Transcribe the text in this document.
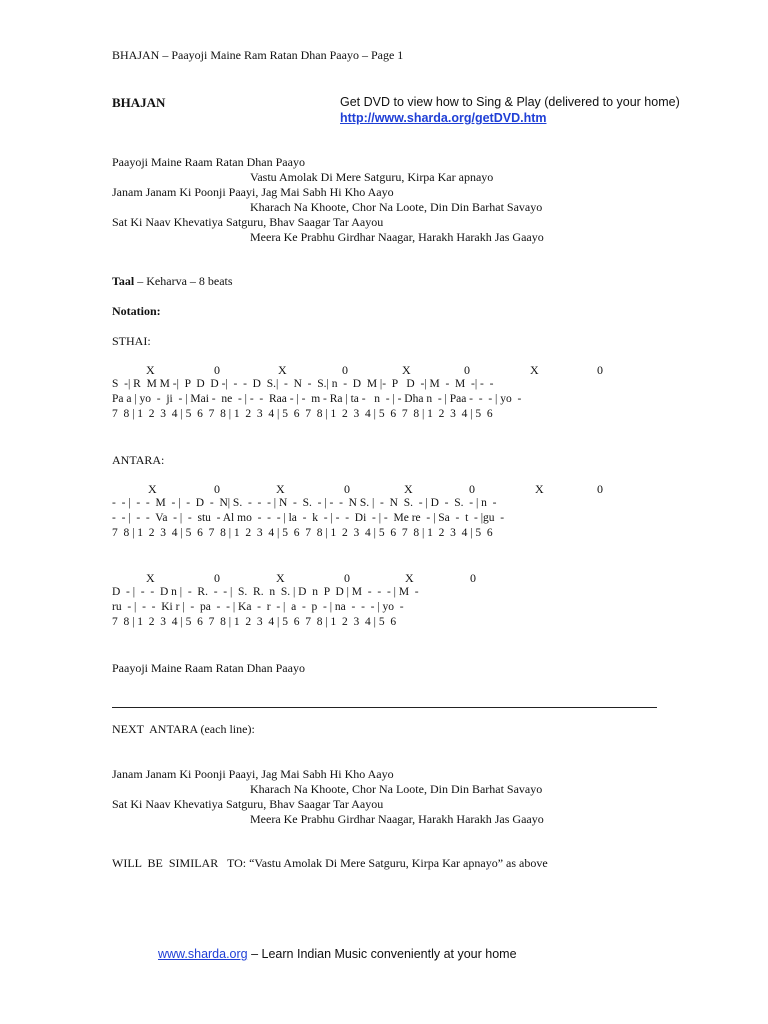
BHAJAN – Paayoji Maine Ram Ratan Dhan Paayo – Page 1
BHAJAN	Get DVD to view how to Sing & Play (delivered to your home)
http://www.sharda.org/getDVD.htm
Paayoji Maine Raam Ratan Dhan Paayo
Vastu Amolak Di Mere Satguru, Kirpa Kar apnayo
Janam Janam Ki Poonji Paayi, Jag Mai Sabh Hi Kho Aayo
Kharach Na Khoote, Chor Na Loote, Din Din Barhat Savayo
Sat Ki Naav Khevatiya Satguru, Bhav Saagar Tar Aayou
Meera Ke Prabhu Girdhar Naagar, Harakh Harakh Jas Gaayo
Taal – Keharva – 8 beats
Notation:
STHAI:
X	0	X	0	X	0	X	0
S  -| R  M M -|  P  D  D -|  -  -  D  S.|  -  N  -  S.| n  -  D  M |-  P   D  -| M  -  M  -| -  -
Pa a | yo  -  ji  - | Mai -  ne  - | -  -  Raa - | -  m - Ra | ta -   n  - | - Dha n  - | Paa -  -  - | yo  -
7  8 | 1  2  3  4 | 5  6  7  8 | 1  2  3  4 | 5  6  7  8 | 1  2  3  4 | 5  6  7  8 | 1  2  3  4 | 5  6
ANTARA:
X	0	X	0	X	0	X	0
-  - |  -  -  M  - |  -  D  -  N| S.  -  -  - | N  -  S.  - | -  -  N S. |  -  N  S.  - | D  -  S.  - | n  -
-  - |  -  -  Va  - |  -  stu  - Al mo  -  -  - | la  -  k  - | -  -  Di  - | -  Me re  - | Sa  -  t  - |gu  -
7  8 | 1  2  3  4 | 5  6  7  8 | 1  2  3  4 | 5  6  7  8 | 1  2  3  4 | 5  6  7  8 | 1  2  3  4 | 5  6
X	0	X	0	X	0
D  - |  -  -  D n |  -  R.  -  - |  S.  R.  n  S. | D  n  P  D | M  -  -  - | M  -
ru  - |  -  -  Ki r |  -  pa  -  - | Ka  -  r  - |  a  -  p  - | na  -  -  - | yo  -
7  8 | 1  2  3  4 | 5  6  7  8 | 1  2  3  4 | 5  6  7  8 | 1  2  3  4 | 5  6
Paayoji Maine Raam Ratan Dhan Paayo
NEXT  ANTARA (each line):
Janam Janam Ki Poonji Paayi, Jag Mai Sabh Hi Kho Aayo
Kharach Na Khoote, Chor Na Loote, Din Din Barhat Savayo
Sat Ki Naav Khevatiya Satguru, Bhav Saagar Tar Aayou
Meera Ke Prabhu Girdhar Naagar, Harakh Harakh Jas Gaayo
WILL  BE  SIMILAR   TO: “Vastu Amolak Di Mere Satguru, Kirpa Kar apnayo” as above
www.sharda.org – Learn Indian Music conveniently at your home
